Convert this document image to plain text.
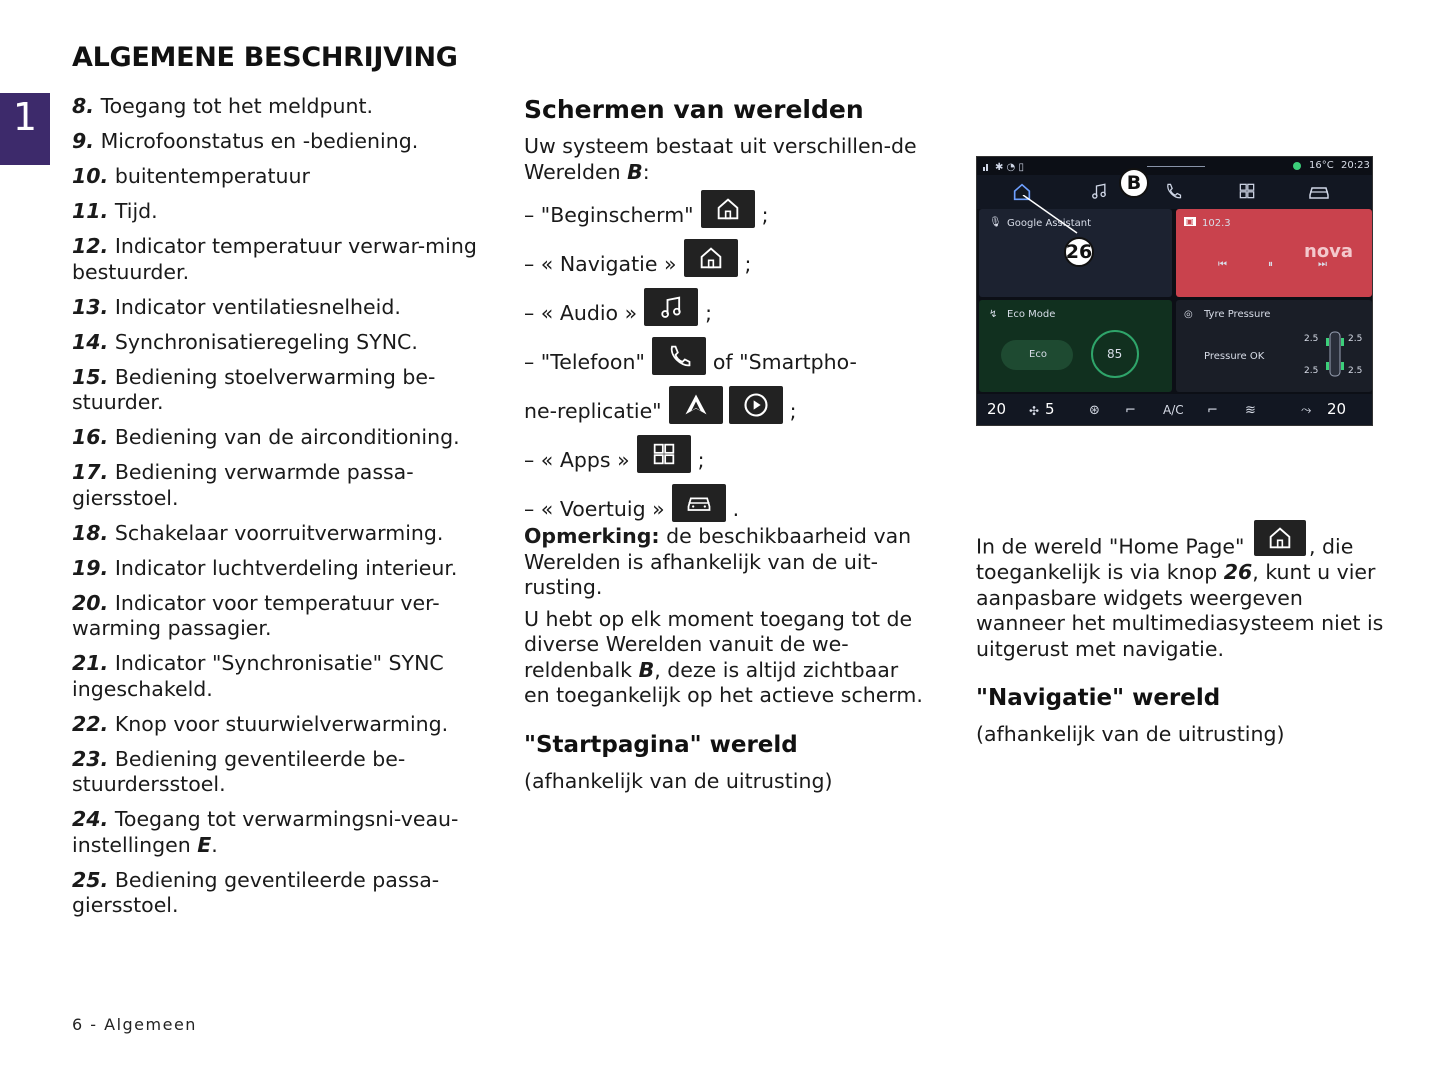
ALGEMENE BESCHRIJVING
1	8. Toegang tot het meldpunt.
9. Microfoonstatus en -bediening.
10. buitentemperatuur
11. Tijd.
12. Indicator temperatuur verwar-ming bestuurder.
13. Indicator ventilatiesnelheid.
14. Synchronisatieregeling SYNC.
15. Bediening stoelverwarming be-stuurder.
16. Bediening van de airconditioning.
17. Bediening verwarmde passa-giersstoel.
18. Schakelaar voorruitverwarming.
19. Indicator luchtverdeling interieur.
20. Indicator voor temperatuur ver-warming passagier.
21. Indicator "Synchronisatie" SYNC ingeschakeld.
22. Knop voor stuurwielverwarming.
23. Bediening geventileerde be-stuurdersstoel.
24. Toegang tot verwarmingsni-veau-instellingen E.
25. Bediening geventileerde passa-giersstoel.
Schermen van werelden
Uw systeem bestaat uit verschillen-de Werelden B:
– "Beginscherm"	;
– « Navigatie »	;
– « Audio »	;
– "Telefoon"	of "Smartpho-
ne-replicatie"	;
– « Apps »	;
– « Voertuig »	.
Opmerking: de beschikbaarheid van Werelden is afhankelijk van de uit-rusting.
U hebt op elk moment toegang tot de diverse Werelden vanuit de we-reldenbalk B, deze is altijd zichtbaar en toegankelijk op het actieve scherm.
"Startpagina" wereld
(afhankelijk van de uitrusting)
✱ ◔ ▯	16°C 20:23
B
🎙 Google Assistant
26
▣ 102.3
nova
⏮	⏸	⏭
↯ Eco Mode
Eco	85
◎ Tyre Pressure
Pressure OK
2.5	2.5
2.5	2.5
20 ✣ 5	⊛ ⌐ A/C ⌐ ≋	⤳ 20
In de wereld "Home Page"	, die toegankelijk is via knop 26, kunt u vier aanpasbare widgets weergeven wanneer het multimediasysteem niet is uitgerust met navigatie.
"Navigatie" wereld
(afhankelijk van de uitrusting)
6 - Algemeen
